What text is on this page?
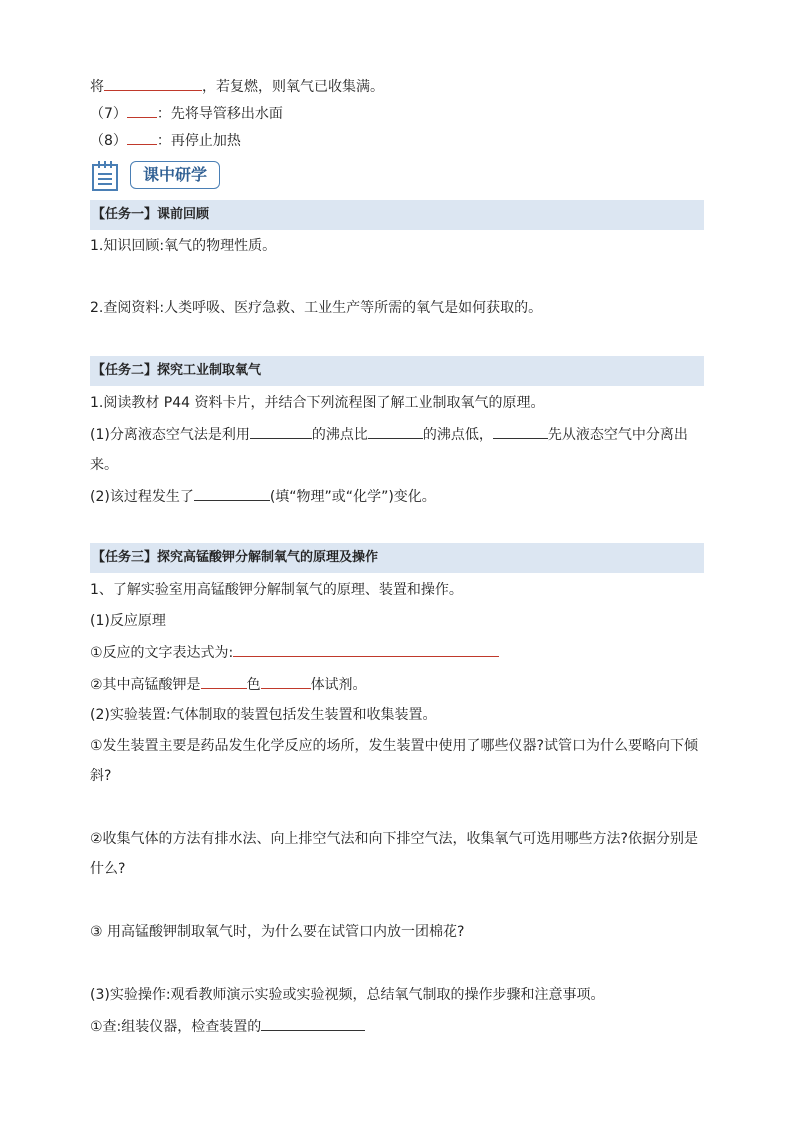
将	，若复燃，则氧气已收集满。
（7） ：先将导管移出水面
（8） ：再停止加热
课中研学
【任务一】课前回顾
1.知识回顾:氧气的物理性质。
2.查阅资料:人类呼吸、医疗急救、工业生产等所需的氧气是如何获取的。
【任务二】探究工业制取氧气
1.阅读教材 P44 资料卡片，并结合下列流程图了解工业制取氧气的原理。
(1)分离液态空气法是利用	的沸点比	的沸点低，	先从液态空气中分离出
来。
(2)该过程发生了	(填“物理”或“化学”)变化。
【任务三】探究高锰酸钾分解制氧气的原理及操作
1、了解实验室用高锰酸钾分解制氧气的原理、装置和操作。
(1)反应原理
①反应的文字表达式为:
②其中高锰酸钾是	色	体试剂。
(2)实验装置:气体制取的装置包括发生装置和收集装置。
①发生装置主要是药品发生化学反应的场所，发生装置中使用了哪些仪器?试管口为什么要略向下倾
斜?
②收集气体的方法有排水法、向上排空气法和向下排空气法，收集氧气可选用哪些方法?依据分别是
什么?
③ 用高锰酸钾制取氧气时，为什么要在试管口内放一团棉花?
(3)实验操作:观看教师演示实验或实验视频，总结氧气制取的操作步骤和注意事项。
①查:组装仪器，检查装置的
